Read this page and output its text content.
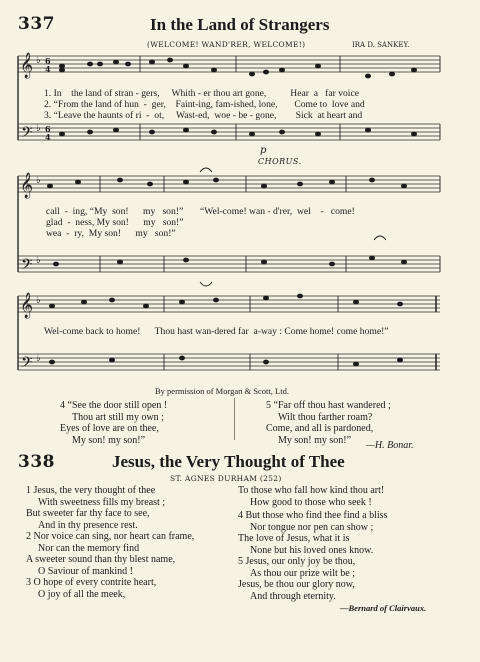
337	In the Land of Strangers
(WELCOME! WAND'RER, WELCOME!)	IRA D. SANKEY.
𝄞
𝄢
𝄞
𝄢
𝄞
𝄢
♭
♭
♭
♭
♭
♭
6
4
6
4
1. In    the land of stran - gers,     Whith - er thou art gone,          Hear  a   far voice
2. “From the land of hun  -  ger,    Faint-ing, fam-ished, lone,       Come to  love and
3. “Leave the haunts of ri  -  ot,     Wast-ed,  woe - be - gone,        Sick  at heart and
p
CHORUS.
call  -  ing, “My  son!      my   son!”       “Wel-come! wan - d'rer,  wel    -   come!
glad  -  ness, My son!      my   son!”
wea  -  ry,  My son!      my   son!”
Wel-come back to home!      Thou hast wan-dered far  a-way : Come home! come home!”
By permission of Morgan & Scott, Ltd.
4 “See the door still open !
Thou art still my own ;
Eyes of love are on thee,
My son! my son!”
5 “Far off thou hast wandered ;
Wilt thou farther roam?
Come, and all is pardoned,
My son! my son!”	—H. Bonar.
338	Jesus, the Very Thought of Thee
ST. AGNES DURHAM (252)
1 Jesus, the very thought of thee
With sweetness fills my breast ;
But sweeter far thy face to see,
And in thy presence rest.
2 Nor voice can sing, nor heart can frame,
Nor can the memory find
A sweeter sound than thy blest name,
O Saviour of mankind !
3 O hope of every contrite heart,
O joy of all the meek,
To those who fall how kind thou art!
How good to those who seek !
4 But those who find thee find a bliss
Nor tongue nor pen can show ;
The love of Jesus, what it is
None but his loved ones know.
5 Jesus, our only joy be thou,
As thou our prize wilt be ;
Jesus, be thou our glory now,
And through eternity.
—Bernard of Clairvaux.
